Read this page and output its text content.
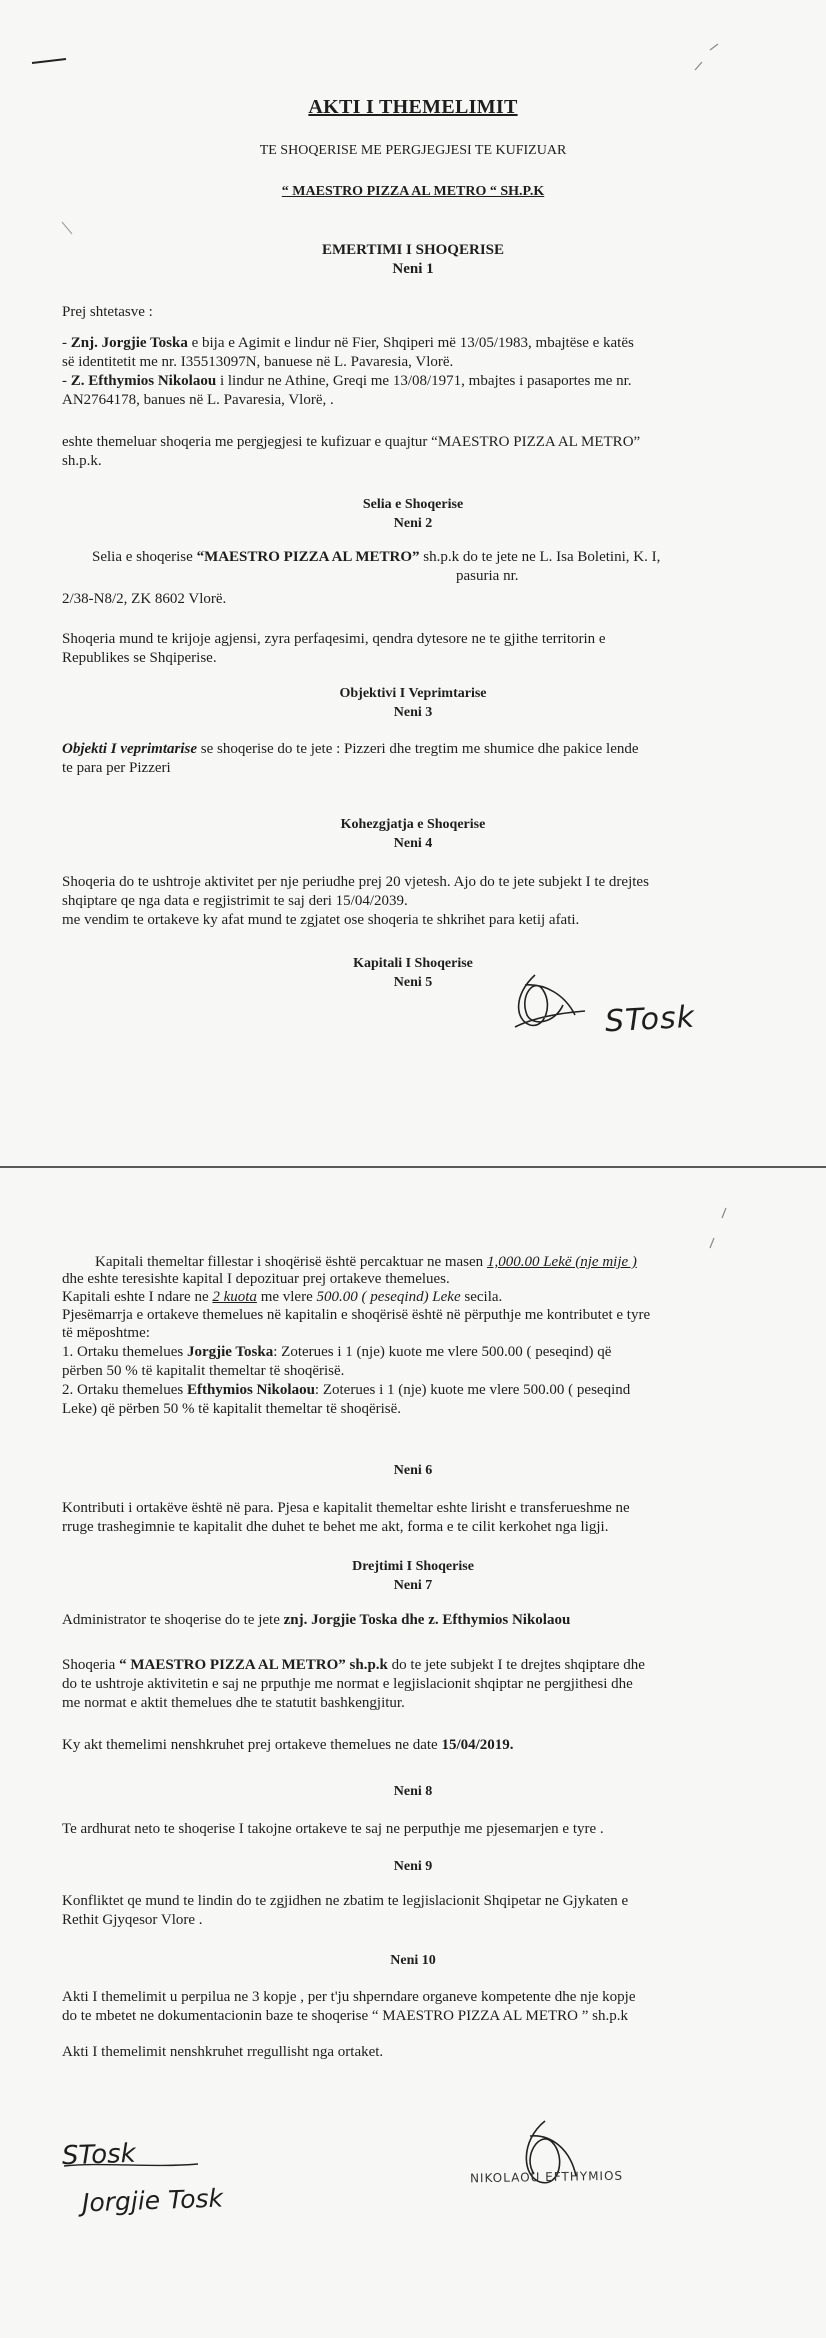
AKTI I THEMELIMIT
TE SHOQERISE ME PERGJEGJESI TE KUFIZUAR
“ MAESTRO PIZZA AL METRO “ SH.P.K
EMERTIMI I SHOQERISE
Neni 1
Prej shtetasve :
- Znj. Jorgjie Toska e bija e Agimit e lindur në Fier, Shqiperi më 13/05/1983, mbajtëse e katës
së identitetit me nr. I35513097N, banuese në L. Pavaresia, Vlorë.
- Z. Efthymios Nikolaou i lindur ne Athine, Greqi me 13/08/1971, mbajtes i pasaportes me nr.
AN2764178, banues në L. Pavaresia, Vlorë, .
eshte themeluar shoqeria me pergjegjesi te kufizuar e quajtur “MAESTRO PIZZA AL METRO”
sh.p.k.
Selia e Shoqerise
Neni 2
Selia e shoqerise “MAESTRO PIZZA AL METRO” sh.p.k do te jete ne L. Isa Boletini, K. I,
pasuria nr.
2/38-N8/2, ZK 8602 Vlorë.
Shoqeria mund te krijoje agjensi, zyra perfaqesimi, qendra dytesore ne te gjithe territorin e
Republikes se Shqiperise.
Objektivi I Veprimtarise
Neni 3
Objekti I veprimtarise se shoqerise do te jete : Pizzeri dhe tregtim me shumice dhe pakice lende
te para per Pizzeri
Kohezgjatja e Shoqerise
Neni 4
Shoqeria do te ushtroje aktivitet per nje periudhe prej 20 vjetesh. Ajo do te jete subjekt I te drejtes
shqiptare qe nga data e regjistrimit te saj deri 15/04/2039.
me vendim te ortakeve ky afat mund te zgjatet ose shoqeria te shkrihet para ketij afati.
Kapitali I Shoqerise
Neni 5
STosk
Kapitali themeltar fillestar i shoqërisë është percaktuar ne masen 1,000.00 Lekë (nje mije )
dhe eshte teresishte kapital I depozituar prej ortakeve themelues.
Kapitali eshte I ndare ne 2 kuota me vlere 500.00 ( peseqind) Leke secila.
Pjesëmarrja e ortakeve themelues në kapitalin e shoqërisë është në përputhje me kontributet e tyre
të mëposhtme:
1. Ortaku themelues Jorgjie Toska: Zoterues i 1 (nje) kuote me vlere 500.00 ( peseqind) që
përben 50 % të kapitalit themeltar të shoqërisë.
2. Ortaku themelues Efthymios Nikolaou: Zoterues i 1 (nje) kuote me vlere 500.00 ( peseqind
Leke) që përben 50 % të kapitalit themeltar të shoqërisë.
Neni 6
Kontributi i ortakëve është në para. Pjesa e kapitalit themeltar eshte lirisht e transferueshme ne
rruge trashegimnie te kapitalit dhe duhet te behet me akt, forma e te cilit kerkohet nga ligji.
Drejtimi I Shoqerise
Neni 7
Administrator te shoqerise do te jete znj. Jorgjie Toska dhe z. Efthymios Nikolaou
Shoqeria “ MAESTRO PIZZA AL METRO” sh.p.k do te jete subjekt I te drejtes shqiptare dhe
do te ushtroje aktivitetin e saj ne prputhje me normat e legjislacionit shqiptar ne pergjithesi dhe
me normat e aktit themelues dhe te statutit bashkengjitur.
Ky akt themelimi nenshkruhet prej ortakeve themelues ne date 15/04/2019.
Neni 8
Te ardhurat neto te shoqerise I takojne ortakeve te saj ne perputhje me pjesemarjen e tyre .
Neni 9
Konfliktet qe mund te lindin do te zgjidhen ne zbatim te legjislacionit Shqipetar ne Gjykaten e
Rethit Gjyqesor Vlore .
Neni 10
Akti I themelimit u perpilua ne 3 kopje , per t'ju shperndare organeve kompetente dhe nje kopje
do te mbetet ne dokumentacionin baze te shoqerise “ MAESTRO PIZZA AL METRO ” sh.p.k
Akti I themelimit nenshkruhet rregullisht nga ortaket.
STosk
Jorgjie Tosk
NIKOLAOU EFTHYMIOS
